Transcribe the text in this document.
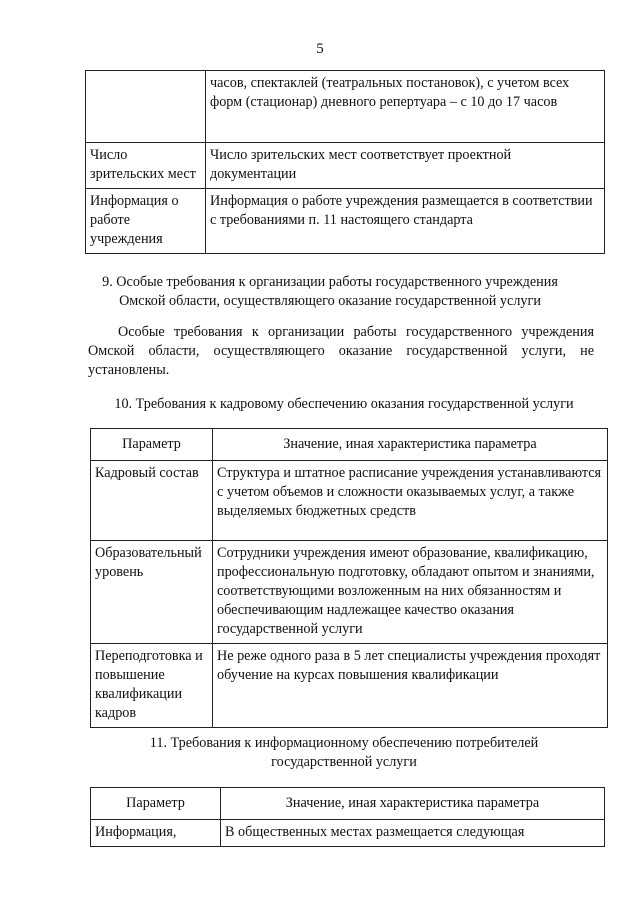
5
	часов, спектаклей (театральных постановок), с учетом всех форм (стационар) дневного репертуара – с 10 до 17 часов
Число зрительских мест	Число зрительских мест соответствует проектной документации
Информация о работе учреждения	Информация о работе учреждения размещается в соответствии с требованиями п. 11 настоящего стандарта
9. Особые требования к организации работы государственного учреждения
Омской области, осуществляющего оказание государственной услуги
Особые требования к организации работы государственного учреждения Омской области, осуществляющего оказание государственной услуги, не установлены.
10. Требования к кадровому обеспечению оказания государственной услуги
Параметр	Значение, иная характеристика параметра
Кадровый состав	Структура и штатное расписание учреждения устанавливаются с учетом объемов и сложности оказываемых услуг, а также выделяемых бюджетных средств
Образовательный уровень	Сотрудники учреждения имеют образование, квалификацию, профессиональную подготовку, обладают опытом и знаниями, соответствующими возложенным на них обязанностям и обеспечивающим надлежащее качество оказания государственной услуги
Переподготовка и повышение квалификации кадров	Не реже одного раза в 5 лет специалисты учреждения проходят обучение на курсах повышения квалификации
11. Требования к информационному обеспечению потребителей
государственной услуги
Параметр	Значение, иная характеристика параметра
Информация,	В общественных местах размещается следующая
